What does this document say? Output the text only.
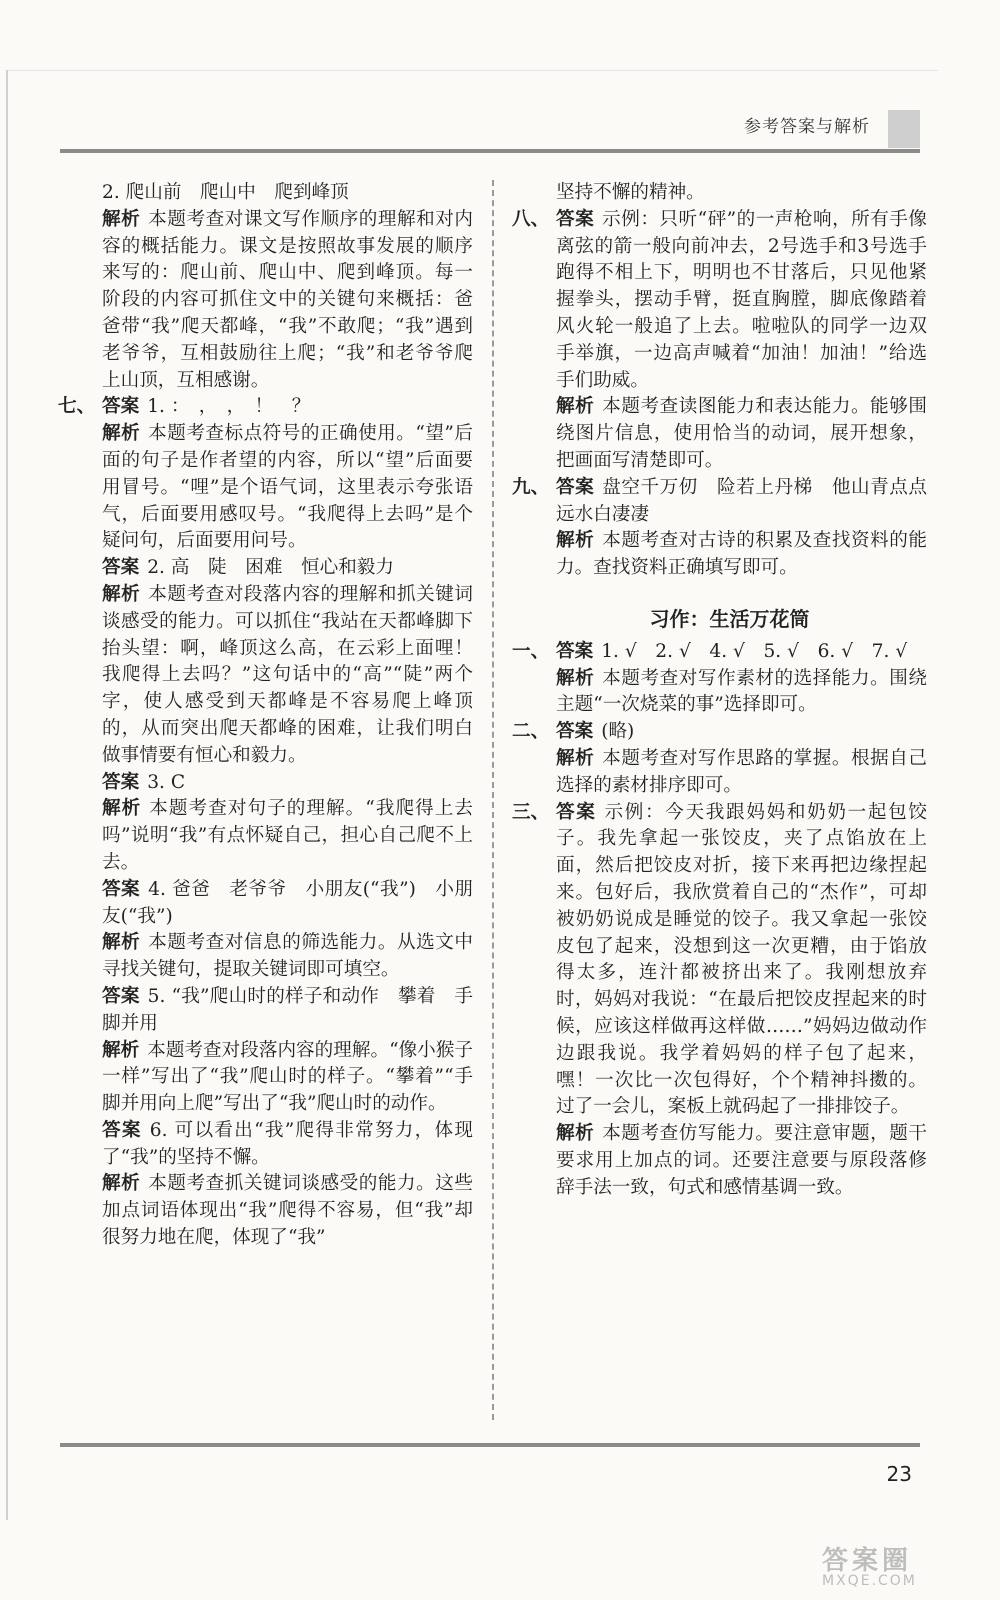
参考答案与解析

2. 爬山前　爬山中　爬到峰顶

解析 本题考查对课文写作顺序的理解和对内容的概括能力。课文是按照故事发展的顺序来写的：爬山前、爬山中、爬到峰顶。每一阶段的内容可抓住文中的关键句来概括：爸爸带“我”爬天都峰，“我”不敢爬；“我”遇到老爷爷，互相鼓励往上爬；“我”和老爷爷爬上山顶，互相感谢。

七、 答案 1. ：　，　，　！　？

解析 本题考查标点符号的正确使用。“望”后面的句子是作者望的内容，所以“望”后面要用冒号。“哩”是个语气词，这里表示夸张语气，后面要用感叹号。“我爬得上去吗”是个疑问句，后面要用问号。

答案 2. 高　陡　困难　恒心和毅力

解析 本题考查对段落内容的理解和抓关键词谈感受的能力。可以抓住“我站在天都峰脚下抬头望：啊，峰顶这么高，在云彩上面哩！我爬得上去吗？”这句话中的“高”“陡”两个字，使人感受到天都峰是不容易爬上峰顶的，从而突出爬天都峰的困难，让我们明白做事情要有恒心和毅力。

答案 3. C

解析 本题考查对句子的理解。“我爬得上去吗”说明“我”有点怀疑自己，担心自己爬不上去。

答案 4. 爸爸　老爷爷　小朋友(“我”)　小朋友(“我”)

解析 本题考查对信息的筛选能力。从选文中寻找关键句，提取关键词即可填空。

答案 5. “我”爬山时的样子和动作　攀着　手脚并用

解析 本题考查对段落内容的理解。“像小猴子一样”写出了“我”爬山时的样子。“攀着”“手脚并用向上爬”写出了“我”爬山时的动作。

答案 6. 可以看出“我”爬得非常努力，体现了“我”的坚持不懈。

解析 本题考查抓关键词谈感受的能力。这些加点词语体现出“我”爬得不容易，但“我”却很努力地在爬，体现了“我”

坚持不懈的精神。

八、 答案 示例：只听“砰”的一声枪响，所有手像离弦的箭一般向前冲去，2号选手和3号选手跑得不相上下，明明也不甘落后，只见他紧握拳头，摆动手臂，挺直胸膛，脚底像踏着风火轮一般追了上去。啦啦队的同学一边双手举旗，一边高声喊着“加油！加油！”给选手们助威。

解析 本题考查读图能力和表达能力。能够围绕图片信息，使用恰当的动词，展开想象，把画面写清楚即可。

九、 答案 盘空千万仞　险若上丹梯　他山青点点　远水白凄凄

解析 本题考查对古诗的积累及查找资料的能力。查找资料正确填写即可。

习作：生活万花筒
一、 答案 1. √　2. √　4. √　5. √　6. √　7. √

解析 本题考查对写作素材的选择能力。围绕主题“一次烧菜的事”选择即可。

二、 答案 (略)

解析 本题考查对写作思路的掌握。根据自己选择的素材排序即可。

三、 答案 示例：今天我跟妈妈和奶奶一起包饺子。我先拿起一张饺皮，夹了点馅放在上面，然后把饺皮对折，接下来再把边缘捏起来。包好后，我欣赏着自己的“杰作”，可却被奶奶说成是睡觉的饺子。我又拿起一张饺皮包了起来，没想到这一次更糟，由于馅放得太多，连汁都被挤出来了。我刚想放弃时，妈妈对我说：“在最后把饺皮捏起来的时候，应该这样做再这样做……”妈妈边做动作边跟我说。我学着妈妈的样子包了起来，嘿！一次比一次包得好，个个精神抖擞的。过了一会儿，案板上就码起了一排排饺子。

解析 本题考查仿写能力。要注意审题，题干要求用上加点的词。还要注意要与原段落修辞手法一致，句式和感情基调一致。

23
答案圈
MXQE.COM
